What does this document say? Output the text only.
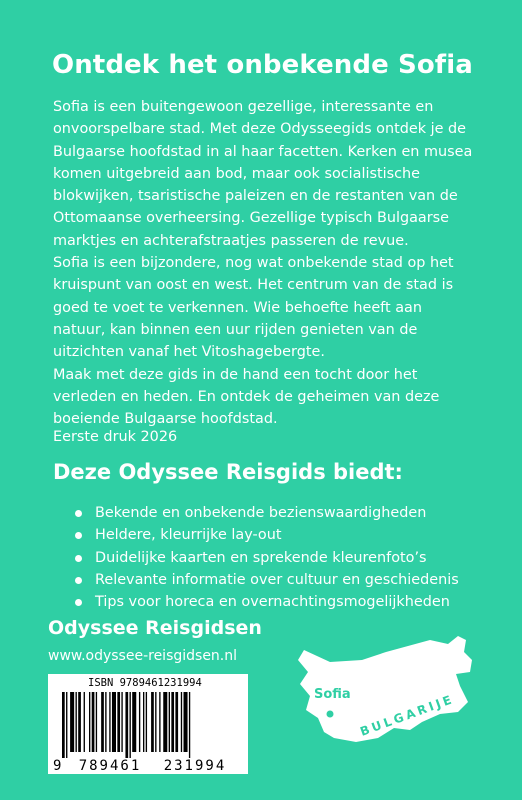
Ontdek het onbekende Sofia

Sofia is een buitengewoon gezellige, interessante en

onvoorspelbare stad. Met deze Odysseegids ontdek je de

Bulgaarse hoofdstad in al haar facetten. Kerken en musea

komen uitgebreid aan bod, maar ook socialistische

blokwijken, tsaristische paleizen en de restanten van de

Ottomaanse overheersing. Gezellige typisch Bulgaarse

marktjes en achterafstraatjes passeren de revue.

Sofia is een bijzondere, nog wat onbekende stad op het

kruispunt van oost en west. Het centrum van de stad is

goed te voet te verkennen. Wie behoefte heeft aan

natuur, kan binnen een uur rijden genieten van de

uitzichten vanaf het Vitoshagebergte.

Maak met deze gids in de hand een tocht door het

verleden en heden. En ontdek de geheimen van deze

boeiende Bulgaarse hoofdstad.

Eerste druk 2026
Deze Odyssee Reisgids biedt:
Bekende en onbekende bezienswaardigheden
Heldere, kleurrijke lay-out
Duidelijke kaarten en sprekende kleurenfoto’s
Relevante informatie over cultuur en geschiedenis
Tips voor horeca en overnachtingsmogelijkheden
Odyssee Reisgidsen
www.odyssee-reisgidsen.nl
9 789461 231994
ISBN 9789461231994
Sofia BULGARIJE
